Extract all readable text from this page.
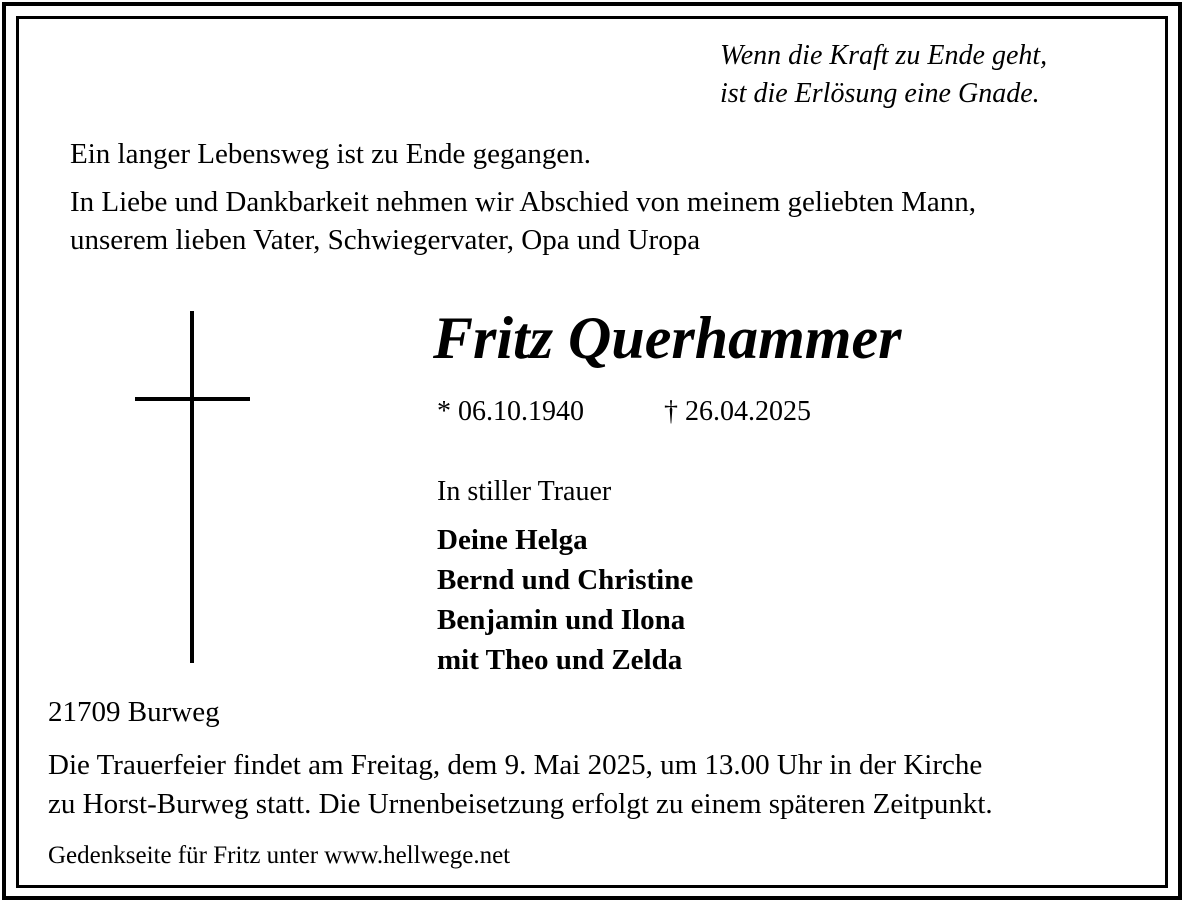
Wenn die Kraft zu Ende geht,
ist die Erlösung eine Gnade.
Ein langer Lebensweg ist zu Ende gegangen.
In Liebe und Dankbarkeit nehmen wir Abschied von meinem geliebten Mann,
unserem lieben Vater, Schwiegervater, Opa und Uropa
Fritz Querhammer
* 06.10.1940	† 26.04.2025
In stiller Trauer
Deine Helga
Bernd und Christine
Benjamin und Ilona
mit Theo und Zelda
21709 Burweg
Die Trauerfeier findet am Freitag, dem 9. Mai 2025, um 13.00 Uhr in der Kirche
zu Horst-Burweg statt. Die Urnenbeisetzung erfolgt zu einem späteren Zeitpunkt.
Gedenkseite für Fritz unter www.hellwege.net
